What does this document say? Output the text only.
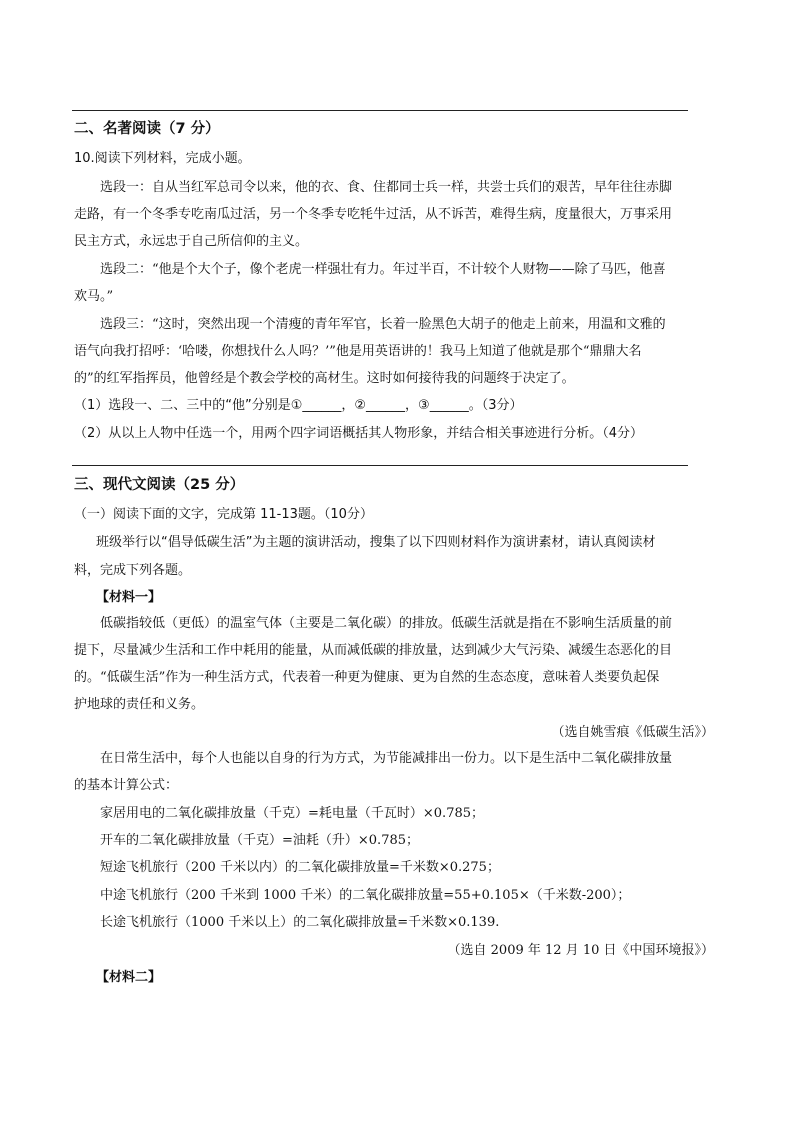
二、名著阅读（7 分）
10.阅读下列材料，完成小题。
选段一：自从当红军总司令以来，他的衣、食、住都同士兵一样，共尝士兵们的艰苦，早年往往赤脚
走路，有一个冬季专吃南瓜过活，另一个冬季专吃牦牛过活，从不诉苦，难得生病，度量很大，万事采用
民主方式，永远忠于自己所信仰的主义。
选段二：“他是个大个子，像个老虎一样强壮有力。年过半百，不计较个人财物——除了马匹，他喜
欢马。”
选段三：“这时，突然出现一个清瘦的青年军官，长着一脸黑色大胡子的他走上前来，用温和文雅的
语气向我打招呼：‘哈喽，你想找什么人吗？’”他是用英语讲的！我马上知道了他就是那个“鼎鼎大名
的”的红军指挥员，他曾经是个教会学校的高材生。这时如何接待我的问题终于决定了。
（1）选段一、二、三中的“他”分别是①______，②______，③______。（3分）
（2）从以上人物中任选一个，用两个四字词语概括其人物形象，并结合相关事迹进行分析。（4分）
三、现代文阅读（25 分）
（一）阅读下面的文字，完成第 11-13题。（10分）
班级举行以“倡导低碳生活”为主题的演讲活动，搜集了以下四则材料作为演讲素材，请认真阅读材
料，完成下列各题。
【材料一】
低碳指较低（更低）的温室气体（主要是二氧化碳）的排放。低碳生活就是指在不影响生活质量的前
提下，尽量减少生活和工作中耗用的能量，从而减低碳的排放量，达到减少大气污染、减缓生态恶化的目
的。“低碳生活”作为一种生活方式，代表着一种更为健康、更为自然的生态态度，意味着人类要负起保
护地球的责任和义务。
（选自姚雪痕《低碳生活》）
在日常生活中，每个人也能以自身的行为方式，为节能减排出一份力。以下是生活中二氧化碳排放量
的基本计算公式：
家居用电的二氧化碳排放量（千克）=耗电量（千瓦时）×0.785；
开车的二氧化碳排放量（千克）=油耗（升）×0.785；
短途飞机旅行（200 千米以内）的二氧化碳排放量=千米数×0.275；
中途飞机旅行（200 千米到 1000 千米）的二氧化碳排放量=55+0.105×（千米数-200）；
长途飞机旅行（1000 千米以上）的二氧化碳排放量=千米数×0.139.
（选自 2009 年 12 月 10 日《中国环境报》）
【材料二】
